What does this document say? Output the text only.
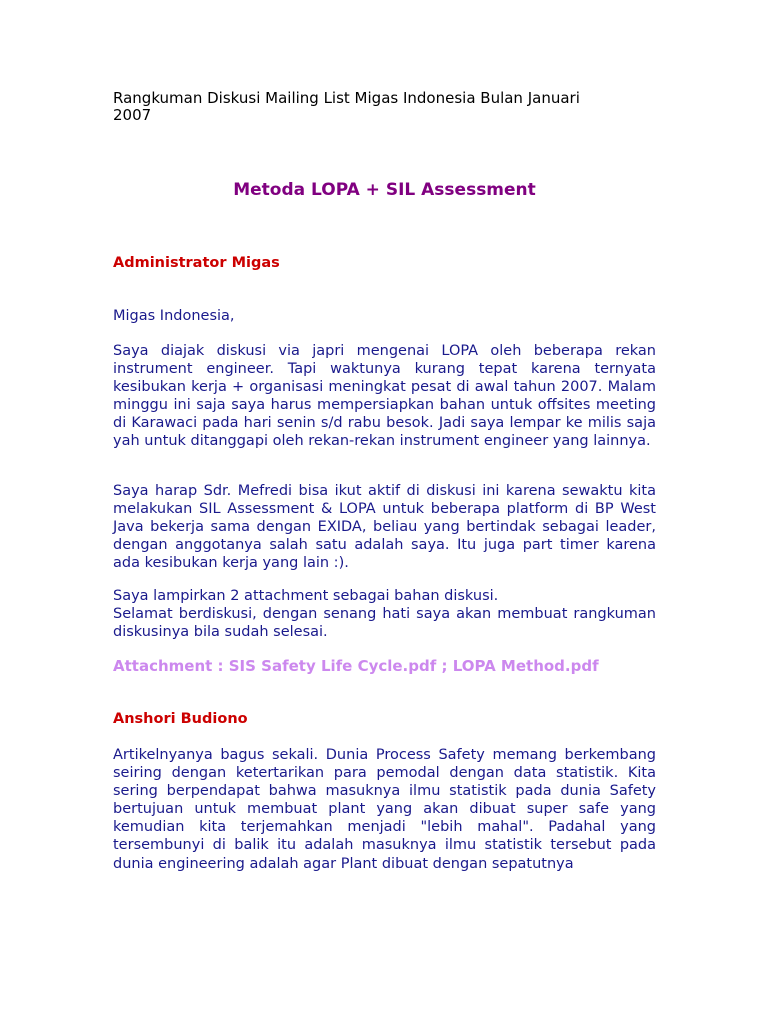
Rangkuman Diskusi Mailing List Migas Indonesia Bulan Januari
2007
Metoda LOPA + SIL Assessment
Administrator Migas
Migas Indonesia,
Saya diajak diskusi via japri mengenai LOPA oleh beberapa rekan instrument engineer. Tapi waktunya kurang tepat karena ternyata kesibukan kerja + organisasi meningkat pesat di awal tahun 2007. Malam minggu ini saja saya harus mempersiapkan bahan untuk offsites meeting di Karawaci pada hari senin s/d rabu besok. Jadi saya lempar ke milis saja yah untuk ditanggapi oleh rekan-rekan instrument engineer yang lainnya.
Saya harap Sdr. Mefredi bisa ikut aktif di diskusi ini karena sewaktu kita melakukan SIL Assessment & LOPA untuk beberapa platform di BP West Java bekerja sama dengan EXIDA, beliau yang bertindak sebagai leader, dengan anggotanya salah satu adalah saya. Itu juga part timer karena ada kesibukan kerja yang lain :).
Saya lampirkan 2 attachment sebagai bahan diskusi.
Selamat berdiskusi, dengan senang hati saya akan membuat rangkuman diskusinya bila sudah selesai.
Attachment : SIS Safety Life Cycle.pdf ; LOPA Method.pdf
Anshori Budiono
Artikelnyanya bagus sekali. Dunia Process Safety memang berkembang seiring dengan ketertarikan para pemodal dengan data statistik. Kita sering berpendapat bahwa masuknya ilmu statistik pada dunia Safety bertujuan untuk membuat plant yang akan dibuat super safe yang kemudian kita terjemahkan menjadi "lebih mahal". Padahal yang tersembunyi di balik itu adalah masuknya ilmu statistik tersebut pada dunia engineering adalah agar Plant dibuat dengan sepatutnya
